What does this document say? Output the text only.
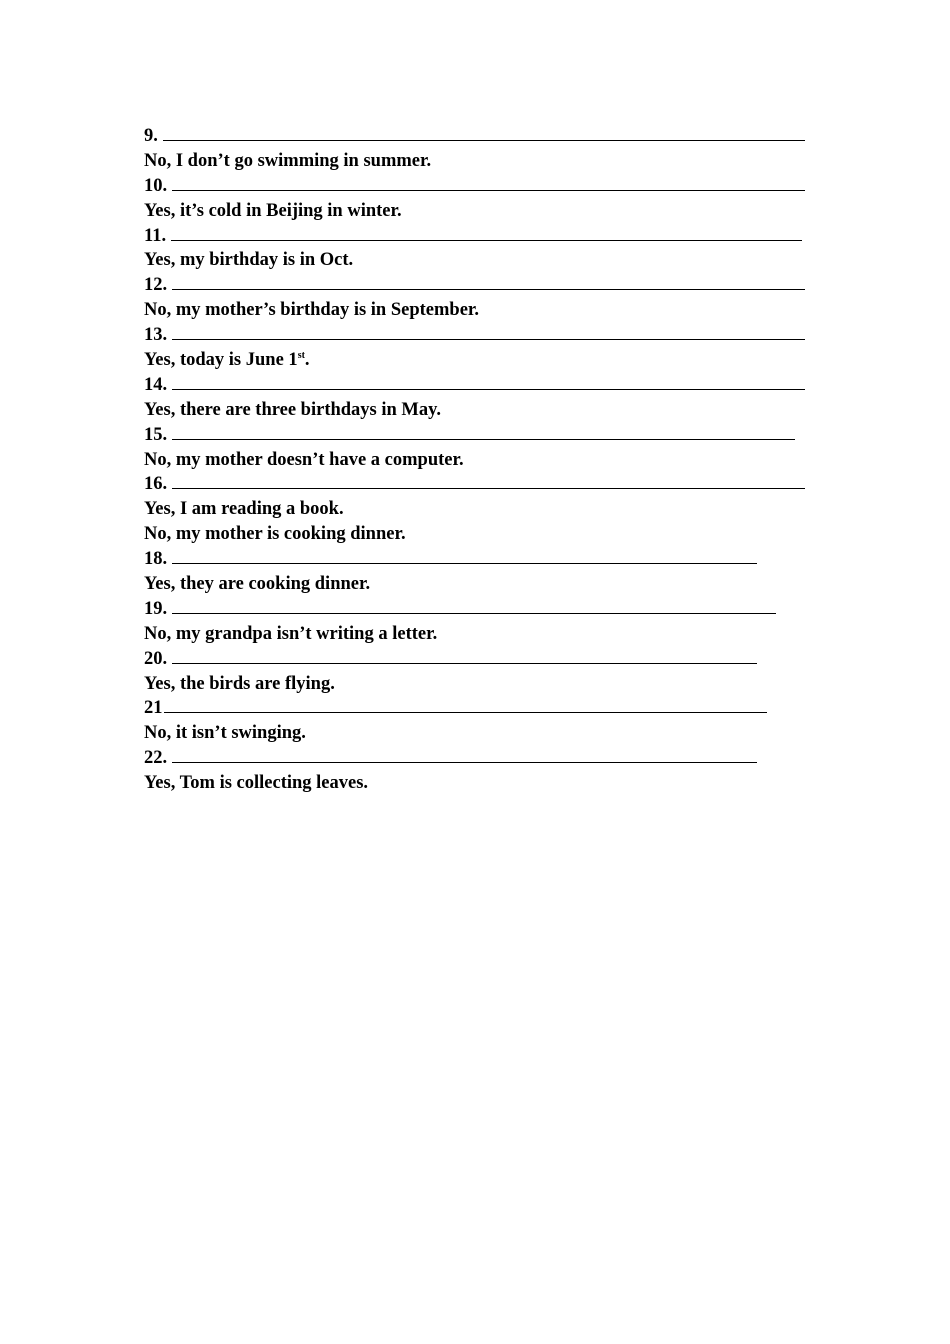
9.
No, I don’t go swimming in summer.
10.
Yes, it’s cold in Beijing in winter.
11.
Yes, my birthday is in Oct.
12.
No, my mother’s birthday is in September.
13.
Yes, today is June 1st.
14.
Yes, there are three birthdays in May.
15.
No, my mother doesn’t have a computer.
16.
Yes, I am reading a book.
No, my mother is cooking dinner.
18.
Yes, they are cooking dinner.
19.
No, my grandpa isn’t writing a letter.
20.
Yes, the birds are flying.
21
No, it isn’t swinging.
22.
Yes, Tom is collecting leaves.
